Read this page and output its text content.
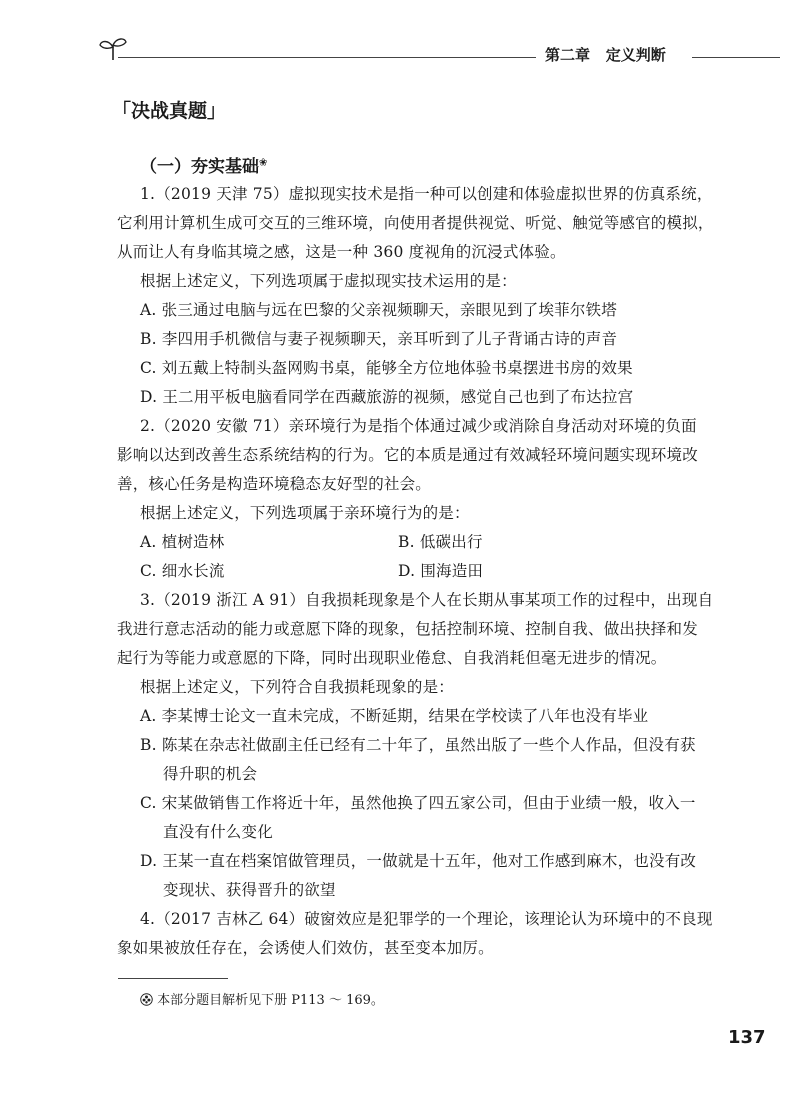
第二章 定义判断
「决战真题」
（一）夯实基础❀
1.（2019 天津 75）虚拟现实技术是指一种可以创建和体验虚拟世界的仿真系统，
它利用计算机生成可交互的三维环境，向使用者提供视觉、听觉、触觉等感官的模拟，
从而让人有身临其境之感，这是一种 360 度视角的沉浸式体验。
根据上述定义，下列选项属于虚拟现实技术运用的是：
A. 张三通过电脑与远在巴黎的父亲视频聊天，亲眼见到了埃菲尔铁塔
B. 李四用手机微信与妻子视频聊天，亲耳听到了儿子背诵古诗的声音
C. 刘五戴上特制头盔网购书桌，能够全方位地体验书桌摆进书房的效果
D. 王二用平板电脑看同学在西藏旅游的视频，感觉自己也到了布达拉宫
2.（2020 安徽 71）亲环境行为是指个体通过减少或消除自身活动对环境的负面
影响以达到改善生态系统结构的行为。它的本质是通过有效减轻环境问题实现环境改
善，核心任务是构造环境稳态友好型的社会。
根据上述定义，下列选项属于亲环境行为的是：
A. 植树造林	B. 低碳出行
C. 细水长流	D. 围海造田
3.（2019 浙江 A 91）自我损耗现象是个人在长期从事某项工作的过程中，出现自
我进行意志活动的能力或意愿下降的现象，包括控制环境、控制自我、做出抉择和发
起行为等能力或意愿的下降，同时出现职业倦怠、自我消耗但毫无进步的情况。
根据上述定义，下列符合自我损耗现象的是：
A. 李某博士论文一直未完成，不断延期，结果在学校读了八年也没有毕业
B. 陈某在杂志社做副主任已经有二十年了，虽然出版了一些个人作品，但没有获
得升职的机会
C. 宋某做销售工作将近十年，虽然他换了四五家公司，但由于业绩一般，收入一
直没有什么变化
D. 王某一直在档案馆做管理员，一做就是十五年，他对工作感到麻木，也没有改
变现状、获得晋升的欲望
4.（2017 吉林乙 64）破窗效应是犯罪学的一个理论，该理论认为环境中的不良现
象如果被放任存在，会诱使人们效仿，甚至变本加厉。
本部分题目解析见下册 P113 ～ 169。
137
